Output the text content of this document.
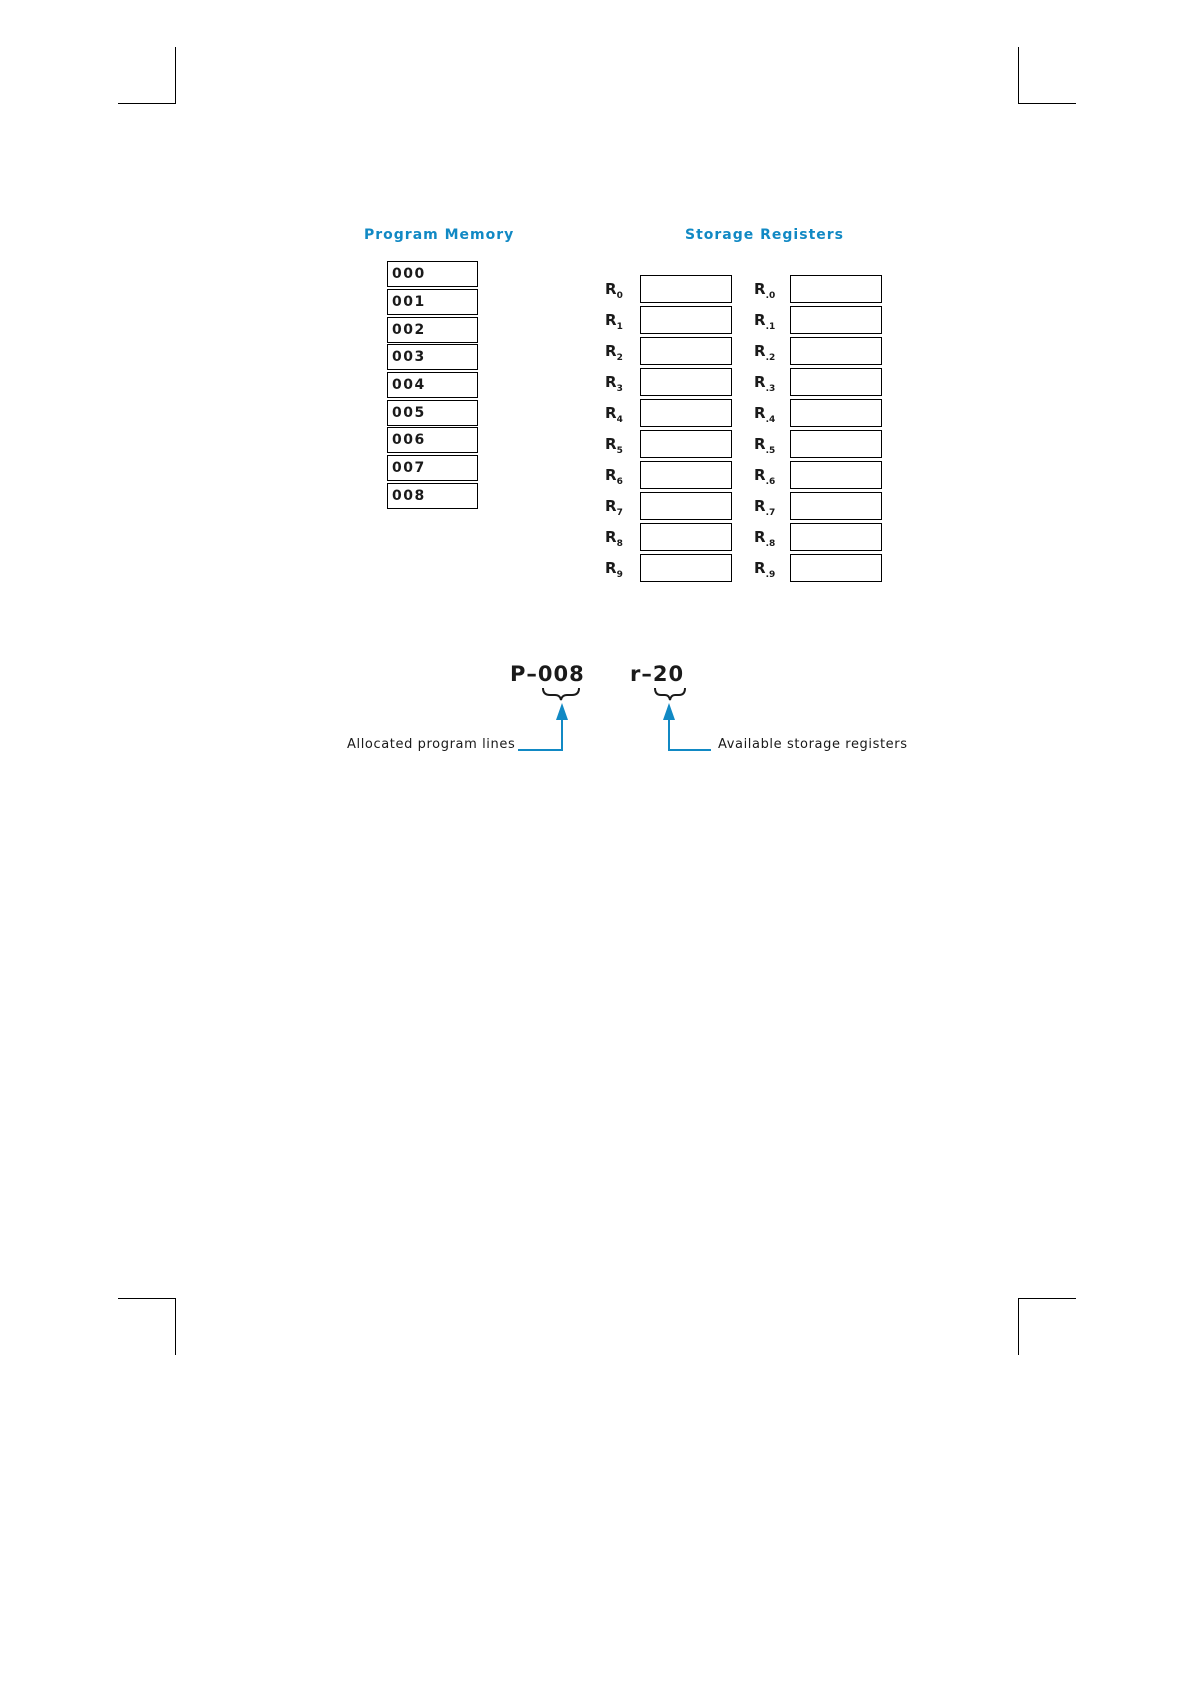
Program Memory	Storage Registers
000
001
002
003
004
005
006
007
008
$R_0$
$R_1$
$R_2$
$R_3$
$R_4$
$R_5$
$R_6$
$R_7$
$R_8$
$R_9$
$R_{.0}$
$R_{.1}$
$R_{.2}$
$R_{.3}$
$R_{.4}$
$R_{.5}$
$R_{.6}$
$R_{.7}$
$R_{.8}$
$R_{.9}$
P–008 r–20
Allocated program lines	Available storage registers
